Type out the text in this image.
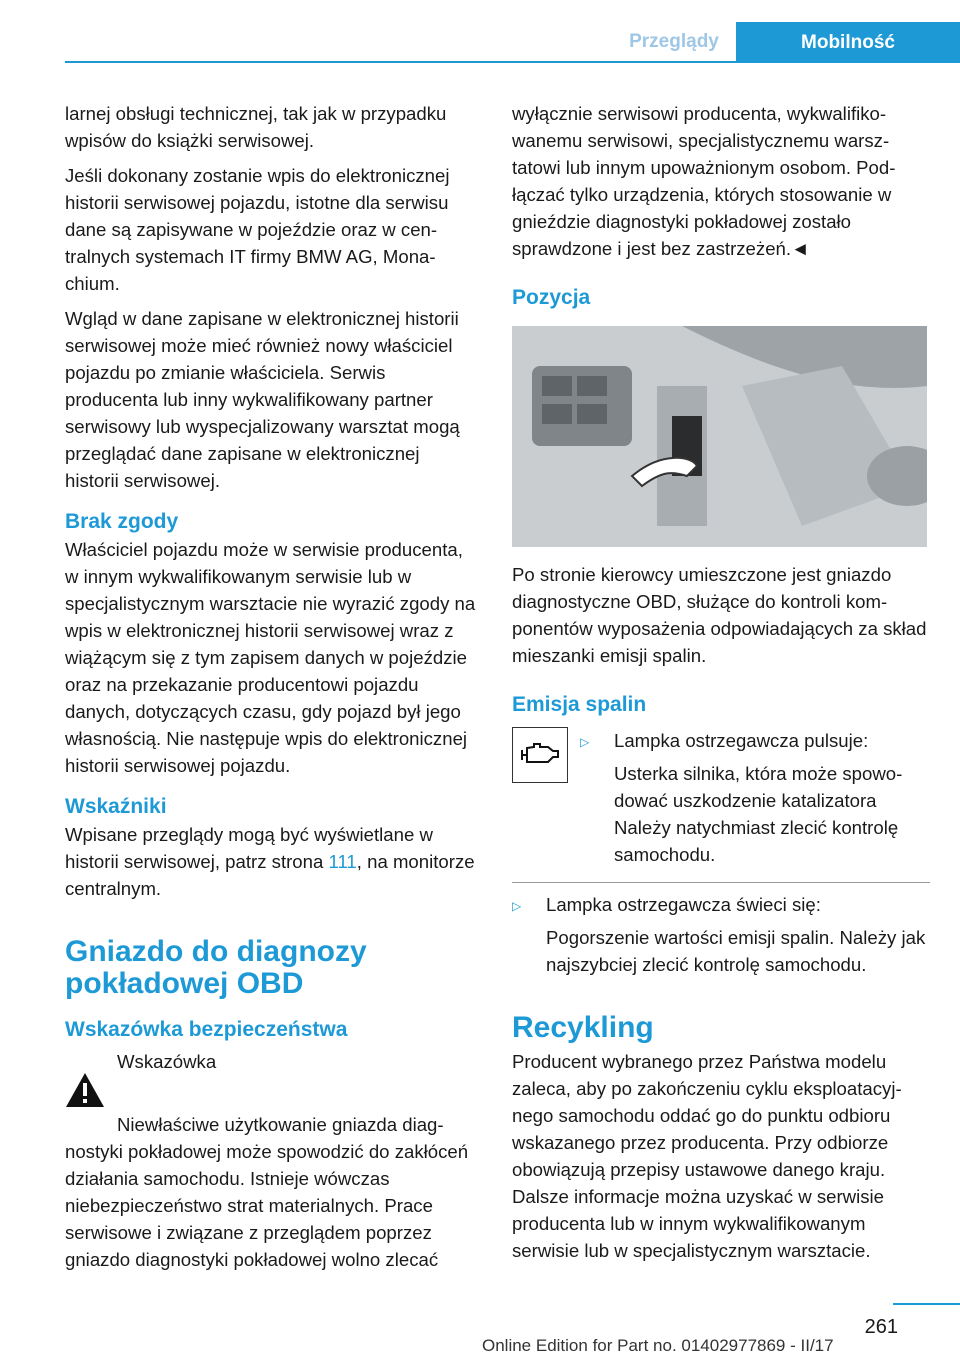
Przeglądy	Mobilność

larnej obsługi technicznej, tak jak w przypadku wpisów do książki serwisowej.

Jeśli dokonany zostanie wpis do elektronicznej historii serwisowej pojazdu, istotne dla serwisu dane są zapisywane w pojeździe oraz w centralnych systemach IT firmy BMW AG, Monachium.

Wgląd w dane zapisane w elektronicznej historii serwisowej może mieć również nowy właściciel pojazdu po zmianie właściciela. Serwis producenta lub inny wykwalifikowany partner serwisowy lub wyspecjalizowany warsztat mogą przeglądać dane zapisane w elektronicznej historii serwisowej.

Brak zgody

Właściciel pojazdu może w serwisie producenta, w innym wykwalifikowanym serwisie lub w specjalistycznym warsztacie nie wyrazić zgody na wpis w elektronicznej historii serwisowej wraz z wiążącym się z tym zapisem danych w pojeździe oraz na przekazanie producentowi pojazdu danych, dotyczących czasu, gdy pojazd był jego własnością. Nie następuje wpis do elektronicznej historii serwisowej pojazdu.

Wskaźniki

Wpisane przeglądy mogą być wyświetlane w historii serwisowej, patrz strona 111, na monitorze centralnym.

Gniazdo do diagnozy pokładowej OBD
Wskazówka bezpieczeństwa

Wskazówka

Niewłaściwe użytkowanie gniazda diagnostyki pokładowej może spowodzić do zakłóceń działania samochodu. Istnieje wówczas niebezpieczeństwo strat materialnych. Prace serwisowe i związane z przeglądem poprzez gniazdo diagnostyki pokładowej wolno zlecać

wyłącznie serwisowi producenta, wykwalifikowanemu serwisowi, specjalistycznemu warsztatowi lub innym upoważnionym osobom. Podłączać tylko urządzenia, których stosowanie w gnieździe diagnostyki pokładowej zostało sprawdzone i jest bez zastrzeżeń.◄

Pozycja

Po stronie kierowcy umieszczone jest gniazdo diagnostyczne OBD, służące do kontroli komponentów wyposażenia odpowiadających za skład mieszanki emisji spalin.

Emisja spalin
▷	Lampka ostrzegawcza pulsuje:

Usterka silnika, która może spowodować uszkodzenie katalizatora Należy natychmiast zlecić kontrolę samochodu.

▷	Lampka ostrzegawcza świeci się:

Pogorszenie wartości emisji spalin. Należy jak najszybciej zlecić kontrolę samochodu.

Recykling

Producent wybranego przez Państwa modelu zaleca, aby po zakończeniu cyklu eksploatacyjnego samochodu oddać go do punktu odbioru wskazanego przez producenta. Przy odbiorze obowiązują przepisy ustawowe danego kraju. Dalsze informacje można uzyskać w serwisie producenta lub w innym wykwalifikowanym serwisie lub w specjalistycznym warsztacie.

261
Online Edition for Part no. 01402977869 - II/17
